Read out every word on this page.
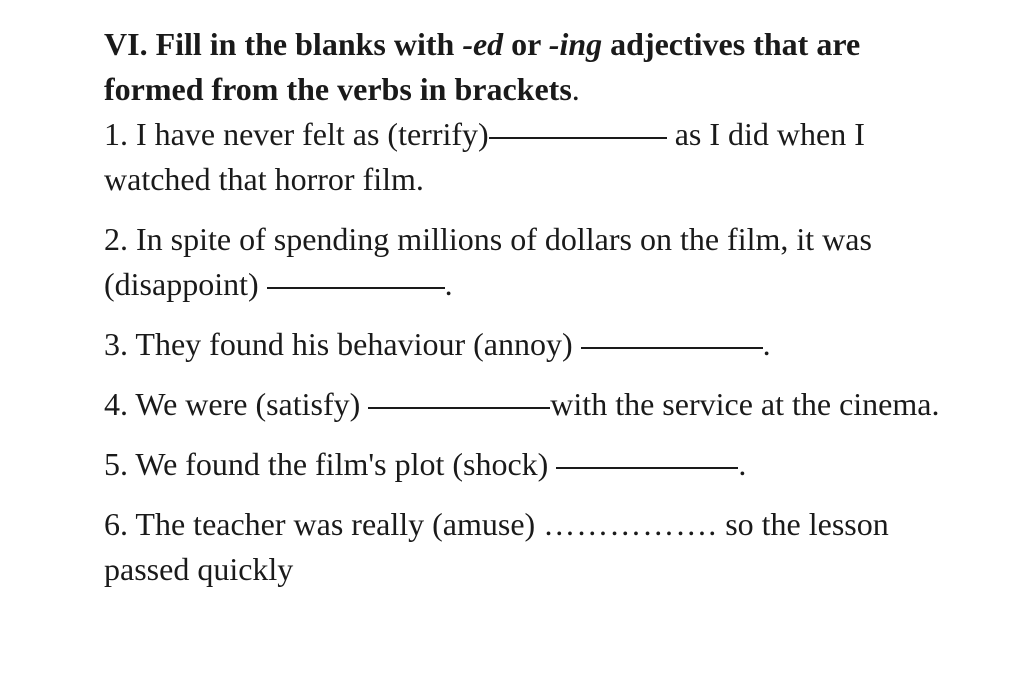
VI. Fill in the blanks with -ed or -ing adjectives that are formed from the verbs in brackets.

1. I have never felt as (terrify)	as I did when I watched that horror film.

2. In spite of spending millions of dollars on the film, it was (disappoint)	.

3. They found his behaviour (annoy)	.

4. We were (satisfy)	with the service at the cinema.

5. We found the film's plot (shock)	.

6. The teacher was really (amuse) ……………. so the lesson passed quickly
